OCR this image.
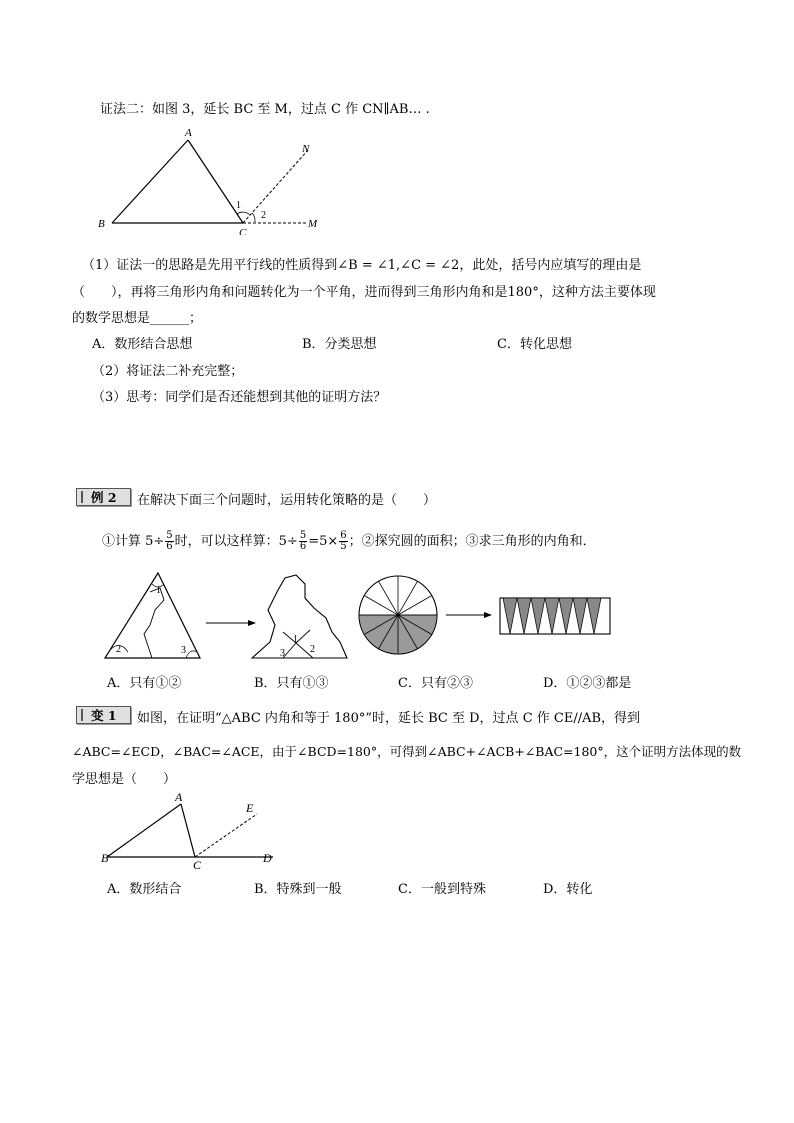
证法二：如图 3，延长 BC 至 M，过点 C 作 CN∥AB… .
A
B
C
N
M
1
2
（1）证法一的思路是先用平行线的性质得到∠B = ∠1,∠C = ∠2，此处，括号内应填写的理由是
（　　），再将三角形内角和问题转化为一个平角，进而得到三角形内角和是180°，这种方法主要体现
的数学思想是______；
A．数形结合思想	B．分类思想	C．转化思想
（2）将证法二补充完整；
（3）思考：同学们是否还能想到其他的证明方法？
例 2	在解决下面三个问题时，运用转化策略的是（　　）
①计算 $5\div \frac{5}{6}$ 时，可以这样算：$5\div \frac{5}{6} =5\times \frac{6}{5}$ ；②探究圆的面积；③求三角形的内角和．
1
2	3
1
3	2
A．只有①②	B．只有①③	C．只有②③	D．①②③都是
变 1	如图，在证明“△ABC 内角和等于 180°”时，延长 BC 至 D，过点 C 作 CE//AB，得到
∠ABC=∠ECD，∠BAC=∠ACE，由于∠BCD=180°，可得到∠ABC+∠ACB+∠BAC=180°，这个证明方法体现的数
学思想是（　　）
A
E
B	C	D
A．数形结合	B．特殊到一般	C．一般到特殊	D．转化
